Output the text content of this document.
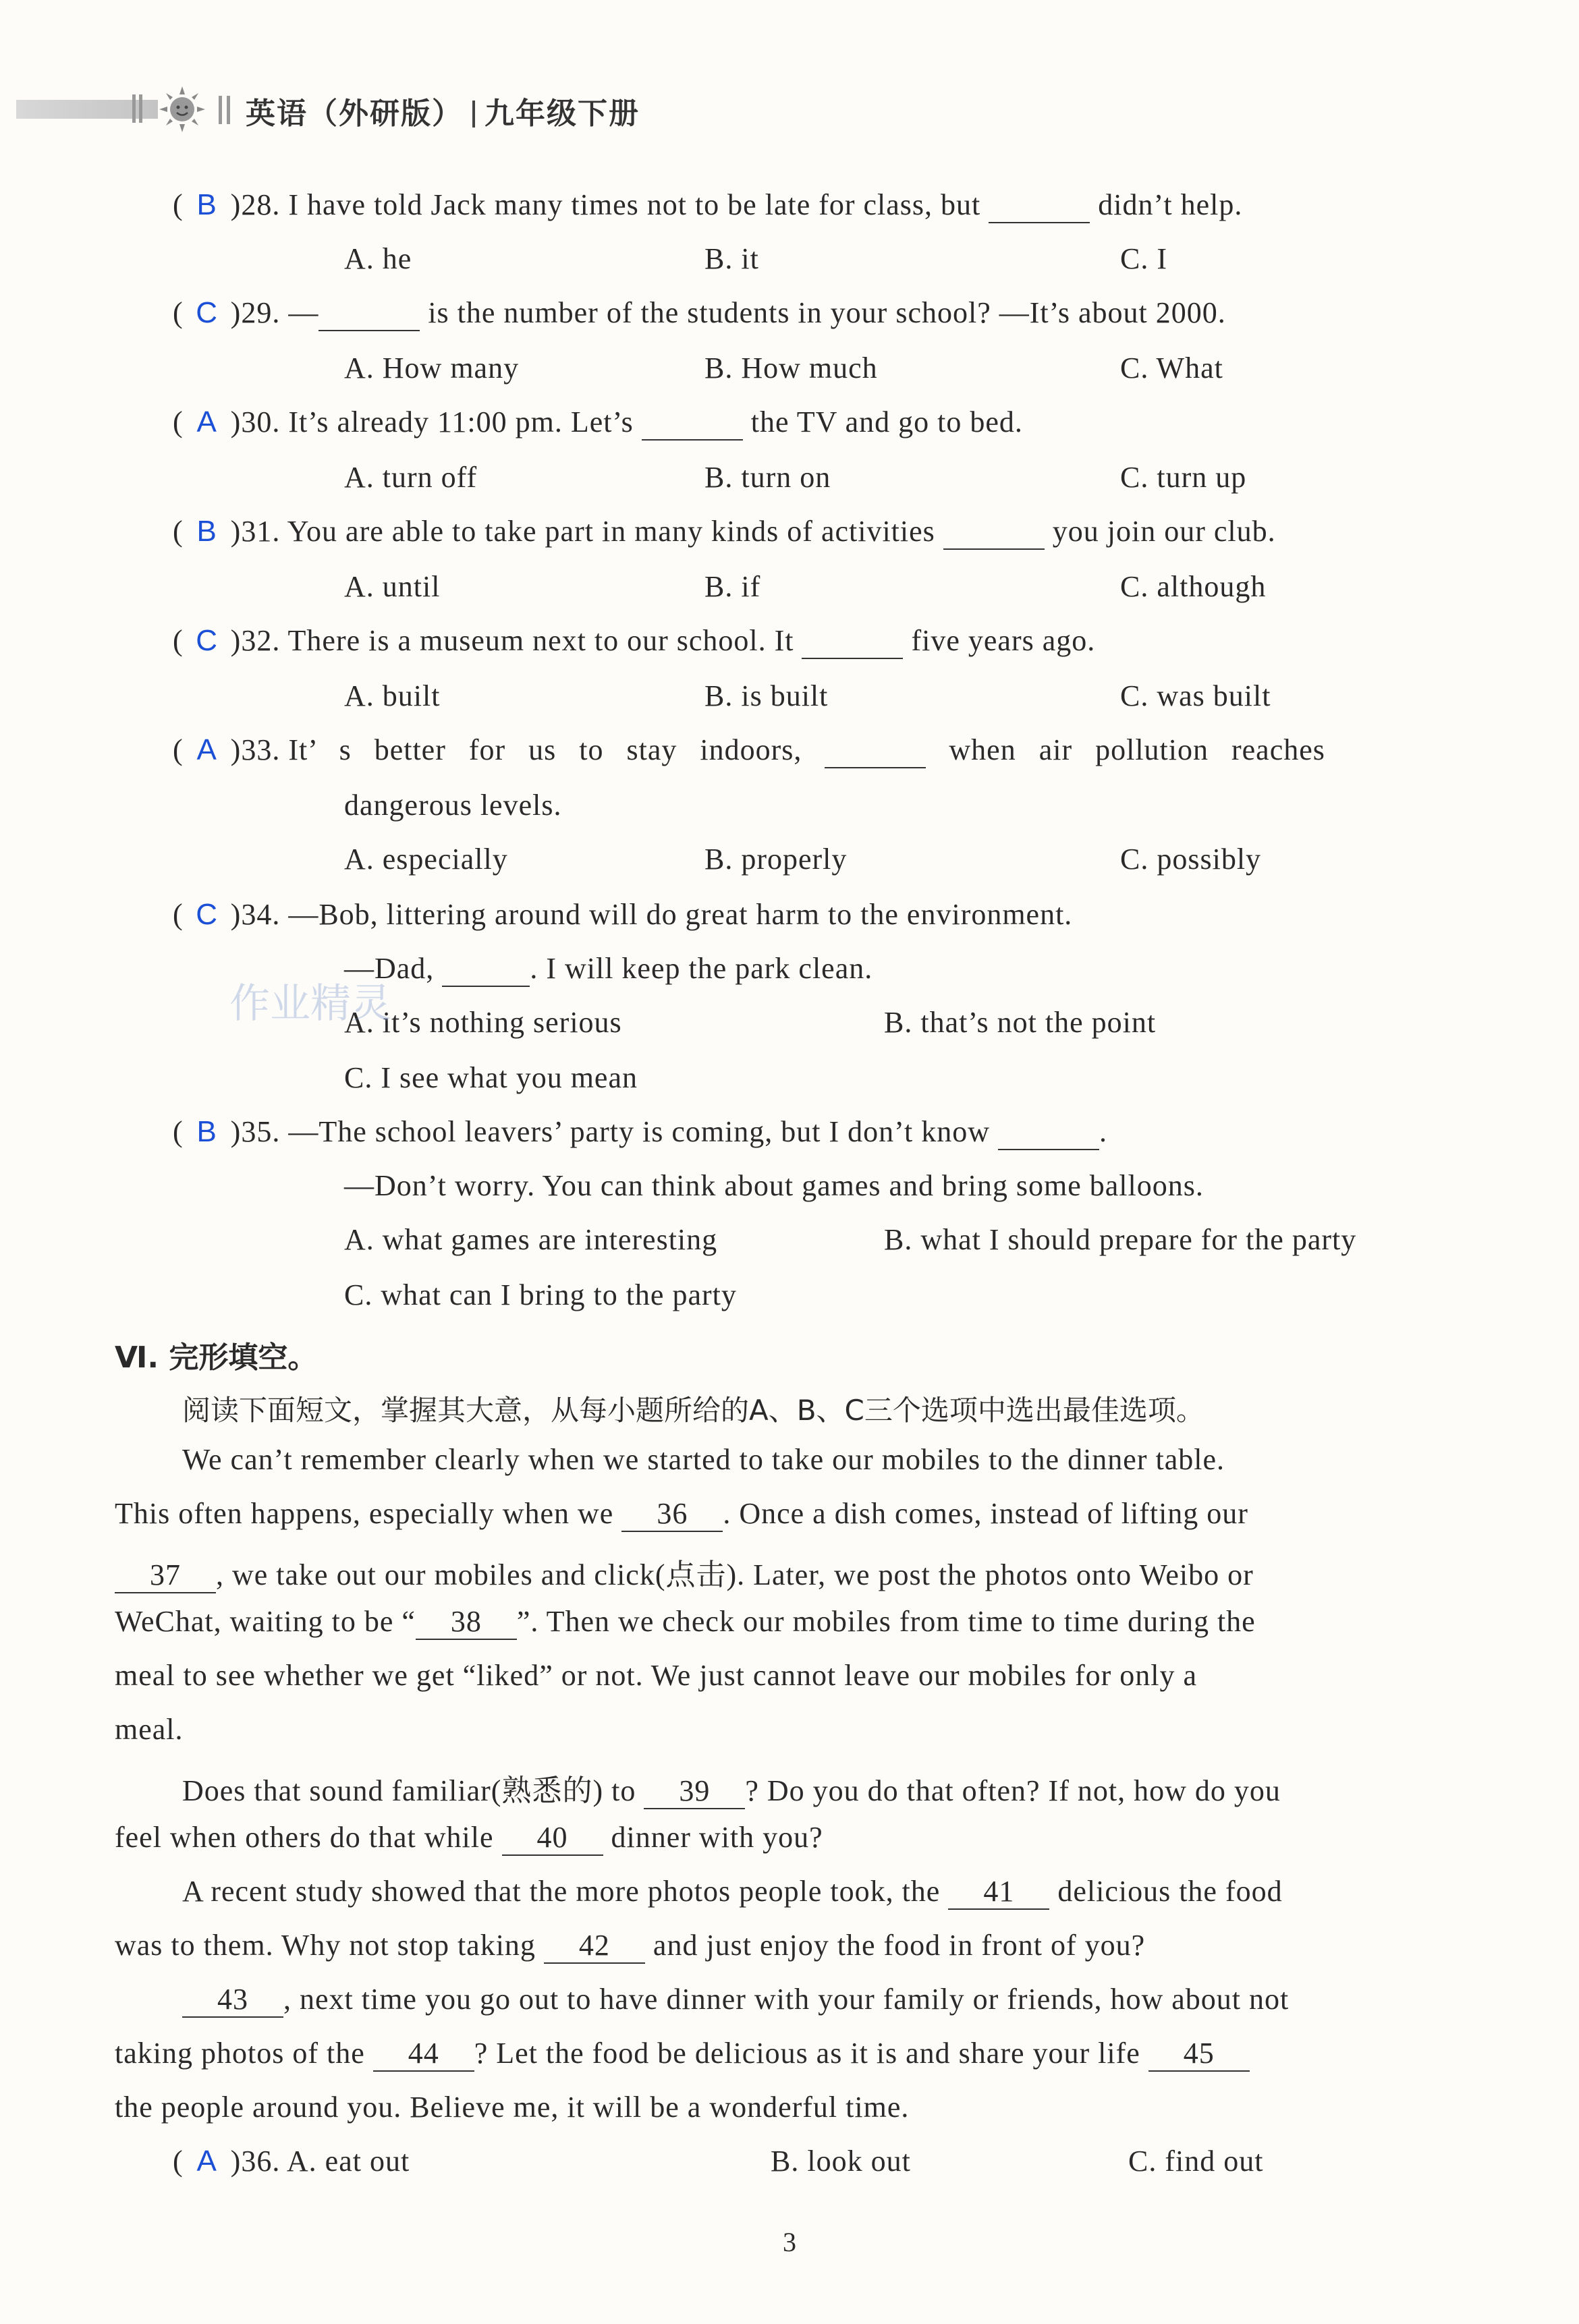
英语（外研版） 九年级下册
( B )28. I have told Jack many times not to be late for class, but	didn’t help.
A. he	B. it	C. I
( C )29. —	is the number of the students in your school? —It’s about 2000.
A. How many	B. How much	C. What
( A )30. It’s already 11:00 pm. Let’s	the TV and go to bed.
A. turn off	B. turn on	C. turn up
( B )31. You are able to take part in many kinds of activities	you join our club.
A. until	B. if	C. although
( C )32. There is a museum next to our school. It	five years ago.
A. built	B. is built	C. was built
( A )33. It’ s better for us to stay indoors,	when air pollution reaches
dangerous levels.
A. especially	B. properly	C. possibly
( C )34. —Bob, littering around will do great harm to the environment.
—Dad,	. I will keep the park clean.
A. it’s nothing serious	B. that’s not the point
C. I see what you mean
( B )35. —The school leavers’ party is coming, but I don’t know	.
—Don’t worry. You can think about games and bring some balloons.
A. what games are interesting	B. what I should prepare for the party
C. what can I bring to the party
Ⅵ. 完形填空。
阅读下面短文，掌握其大意，从每小题所给的A、B、C三个选项中选出最佳选项。
We can’t remember clearly when we started to take our mobiles to the dinner table.
This often happens, especially when we 36 . Once a dish comes, instead of lifting our
37 , we take out our mobiles and click(点击). Later, we post the photos onto Weibo or
WeChat, waiting to be “ 38 ”. Then we check our mobiles from time to time during the
meal to see whether we get “liked” or not. We just cannot leave our mobiles for only a
meal.
Does that sound familiar(熟悉的) to 39 ? Do you do that often? If not, how do you
feel when others do that while 40 dinner with you?
A recent study showed that the more photos people took, the 41 delicious the food
was to them. Why not stop taking 42 and just enjoy the food in front of you?
43 , next time you go out to have dinner with your family or friends, how about not
taking photos of the 44 ? Let the food be delicious as it is and share your life 45
the people around you. Believe me, it will be a wonderful time.
( A )36. A. eat out	B. look out	C. find out
3
作业精灵
